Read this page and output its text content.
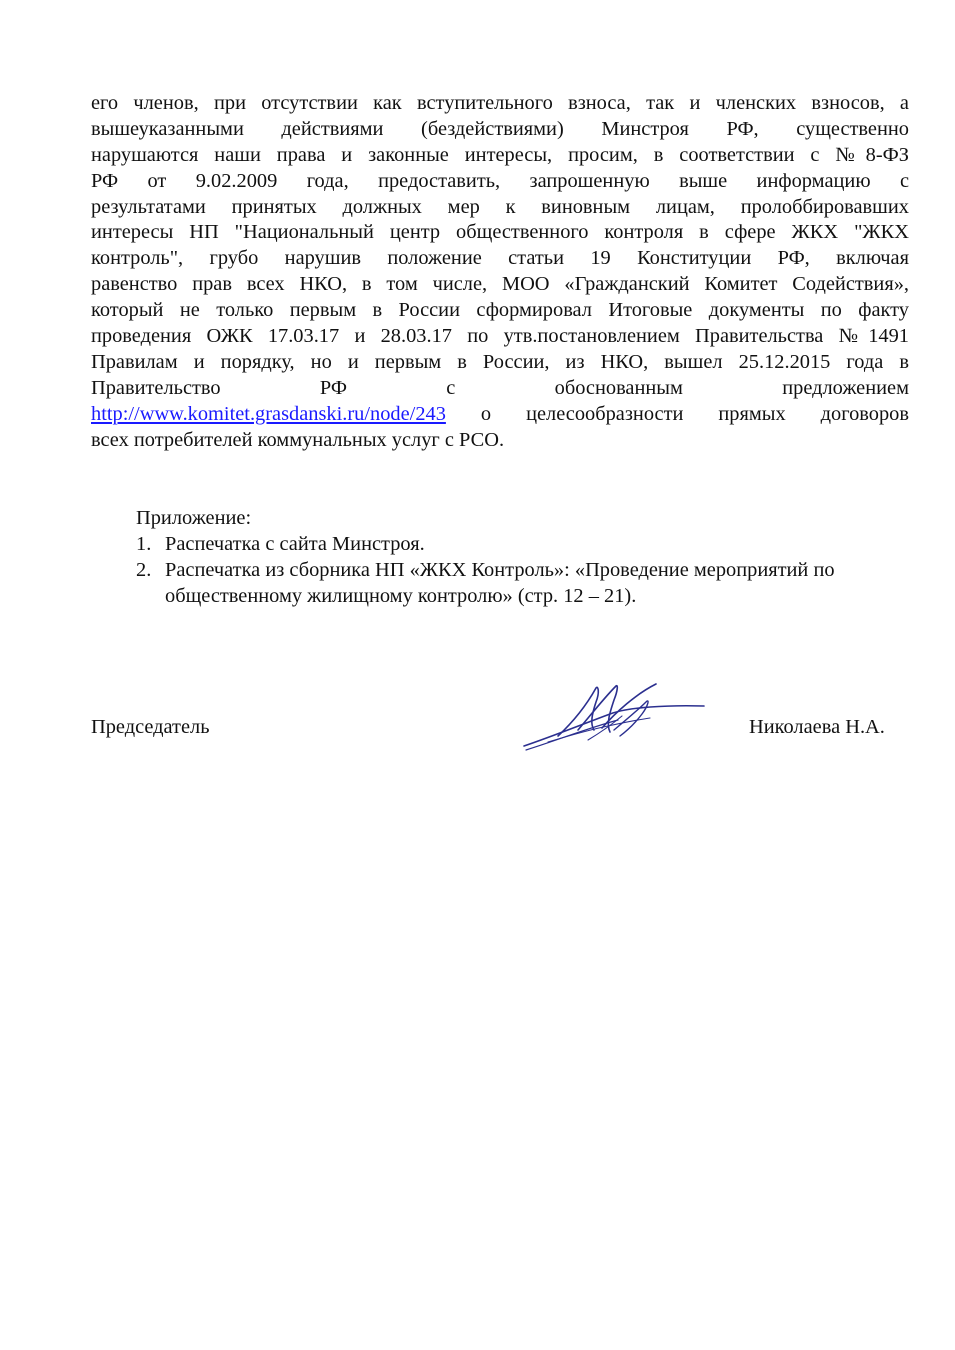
его членов, при отсутствии как вступительного взноса, так и членских взносов, а
вышеуказанными действиями (бездействиями) Минстроя РФ, существенно
нарушаются наши права и законные интересы, просим, в соответствии с №8-ФЗ
РФ от 9.02.2009 года, предоставить, запрошенную выше информацию с
результатами принятых должных мер к виновным лицам, пролоббировавших
интересы НП "Национальный центр общественного контроля в сфере ЖКХ "ЖКХ
контроль", грубо нарушив положение статьи 19 Конституции РФ, включая
равенство прав всех НКО, в том числе, МОО «Гражданский Комитет Содействия»,
который не только первым в России сформировал Итоговые документы по факту
проведения ОЖК 17.03.17 и 28.03.17 по утв.постановлением Правительства №1491
Правилам и порядку, но и первым в России, из НКО, вышел 25.12.2015 года в
Правительство РФ с обоснованным предложением
http://www.komitet.grasdanski.ru/node/243 о целесообразности прямых договоров
всех потребителей коммунальных услуг с РСО.
Приложение:
1. Распечатка с сайта Минстроя.
2. Распечатка из сборника НП «ЖКХ Контроль»: «Проведение мероприятий по
общественному жилищному контролю» (стр. 12 – 21).
Председатель	Николаева Н.А.
